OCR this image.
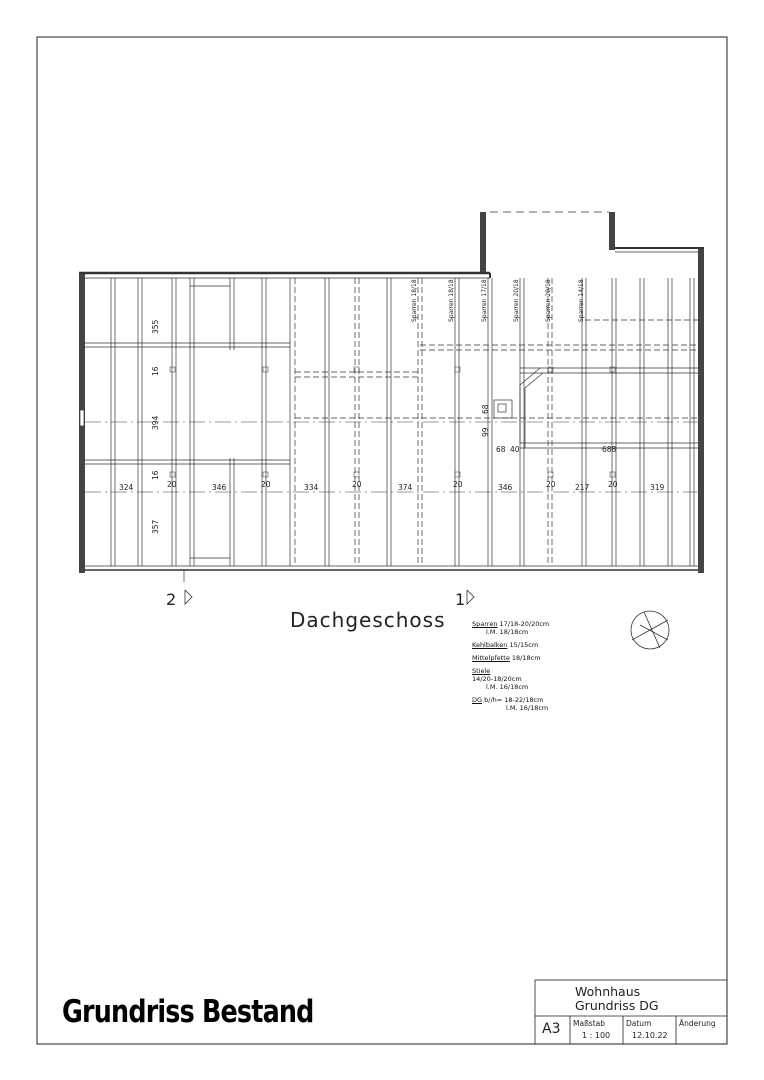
Sparren 18/18	Sparren 18/18	Sparren 17/18	Sparren 20/18	Sparren 20/18	Sparren 14/18
324	346	334	374	346	217	319
20	20	20	20	20	20
355
394
357
16
16
68
99
68 40	688
2	1
Dachgeschoss	Sparren 17/18-20/20cm
l.M. 18/18cm
Kehlbalken 15/15cm
Mittelpfette 18/18cm
Stiele
14/20-18/20cm
l.M. 16/18cm
DG b//h= 18-22/18cm
l.M. 16/18cm
Grundriss Bestand
Wohnhaus
Grundriss DG
A3 Maßstab
1 : 100
Datum
12.10.22
Änderung
